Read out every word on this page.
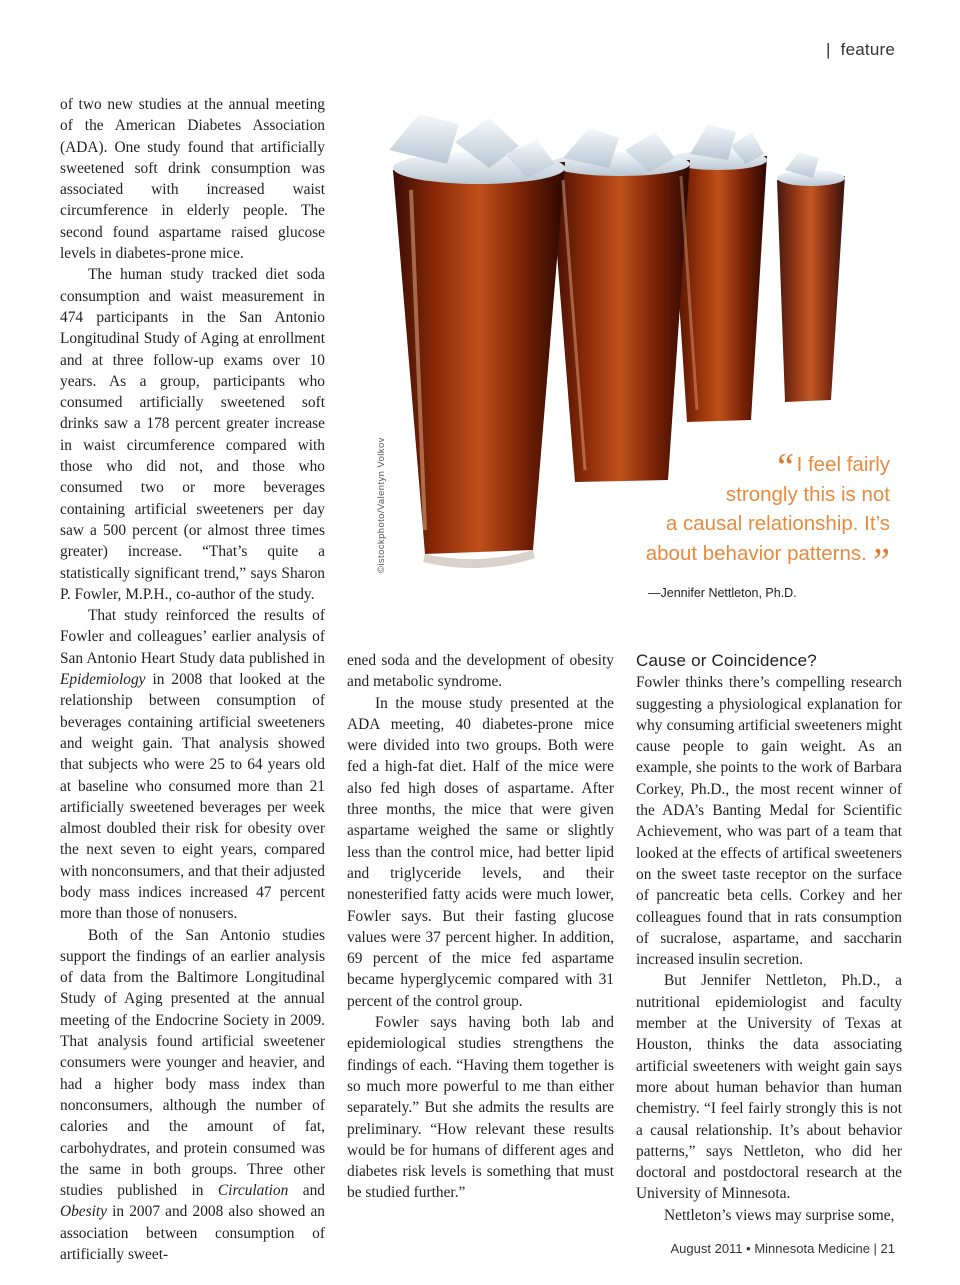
| feature

of two new studies at the annual meeting of the American Diabetes Association (ADA). One study found that artificially sweetened soft drink consumption was associated with increased waist circumference in elderly people. The second found aspartame raised glucose levels in diabetes-prone mice.

The human study tracked diet soda consumption and waist measurement in 474 participants in the San Antonio Longitudinal Study of Aging at enrollment and at three follow-up exams over 10 years. As a group, participants who consumed artificially sweetened soft drinks saw a 178 percent greater increase in waist circumference compared with those who did not, and those who consumed two or more beverages containing artificial sweeteners per day saw a 500 percent (or almost three times greater) increase. “That’s quite a statistically significant trend,” says Sharon P. Fowler, M.P.H., co-author of the study.

That study reinforced the results of Fowler and colleagues’ earlier analysis of San Antonio Heart Study data published in Epidemiology in 2008 that looked at the relationship between consumption of beverages containing artificial sweeteners and weight gain. That analysis showed that subjects who were 25 to 64 years old at baseline who consumed more than 21 artificially sweetened beverages per week almost doubled their risk for obesity over the next seven to eight years, compared with nonconsumers, and that their adjusted body mass indices increased 47 percent more than those of nonusers.

Both of the San Antonio studies support the findings of an earlier analysis of data from the Baltimore Longitudinal Study of Aging presented at the annual meeting of the Endocrine Society in 2009. That analysis found artificial sweetener consumers were younger and heavier, and had a higher body mass index than nonconsumers, although the number of calories and the amount of fat, carbohydrates, and protein consumed was the same in both groups. Three other studies published in Circulation and Obesity in 2007 and 2008 also showed an association between consumption of artificially sweet-

©istockphoto/Valentyn Volkov	“I feel fairly
strongly this is not
a causal relationship. It’s
about behavior patterns.”
—Jennifer Nettleton, Ph.D.

ened soda and the development of obesity and metabolic syndrome.

In the mouse study presented at the ADA meeting, 40 diabetes-prone mice were divided into two groups. Both were fed a high-fat diet. Half of the mice were also fed high doses of aspartame. After three months, the mice that were given aspartame weighed the same or slightly less than the control mice, had better lipid and triglyceride levels, and their nonesterified fatty acids were much lower, Fowler says. But their fasting glucose values were 37 percent higher. In addition, 69 percent of the mice fed aspartame became hyperglycemic compared with 31 percent of the control group.

Fowler says having both lab and epidemiological studies strengthens the findings of each. “Having them together is so much more powerful to me than either separately.” But she admits the results are preliminary. “How relevant these results would be for humans of different ages and diabetes risk levels is something that must be studied further.”

Cause or Coincidence?

Fowler thinks there’s compelling research suggesting a physiological explanation for why consuming artificial sweeteners might cause people to gain weight. As an example, she points to the work of Barbara Corkey, Ph.D., the most recent winner of the ADA’s Banting Medal for Scientific Achievement, who was part of a team that looked at the effects of artifical sweeteners on the sweet taste receptor on the surface of pancreatic beta cells. Corkey and her colleagues found that in rats consumption of sucralose, aspartame, and saccharin increased insulin secretion.

But Jennifer Nettleton, Ph.D., a nutritional epidemiologist and faculty member at the University of Texas at Houston, thinks the data associating artificial sweeteners with weight gain says more about human behavior than human chemistry. “I feel fairly strongly this is not a causal relationship. It’s about behavior patterns,” says Nettleton, who did her doctoral and postdoctoral research at the University of Minnesota.

Nettleton’s views may surprise some,

August 2011 • Minnesota Medicine | 21
